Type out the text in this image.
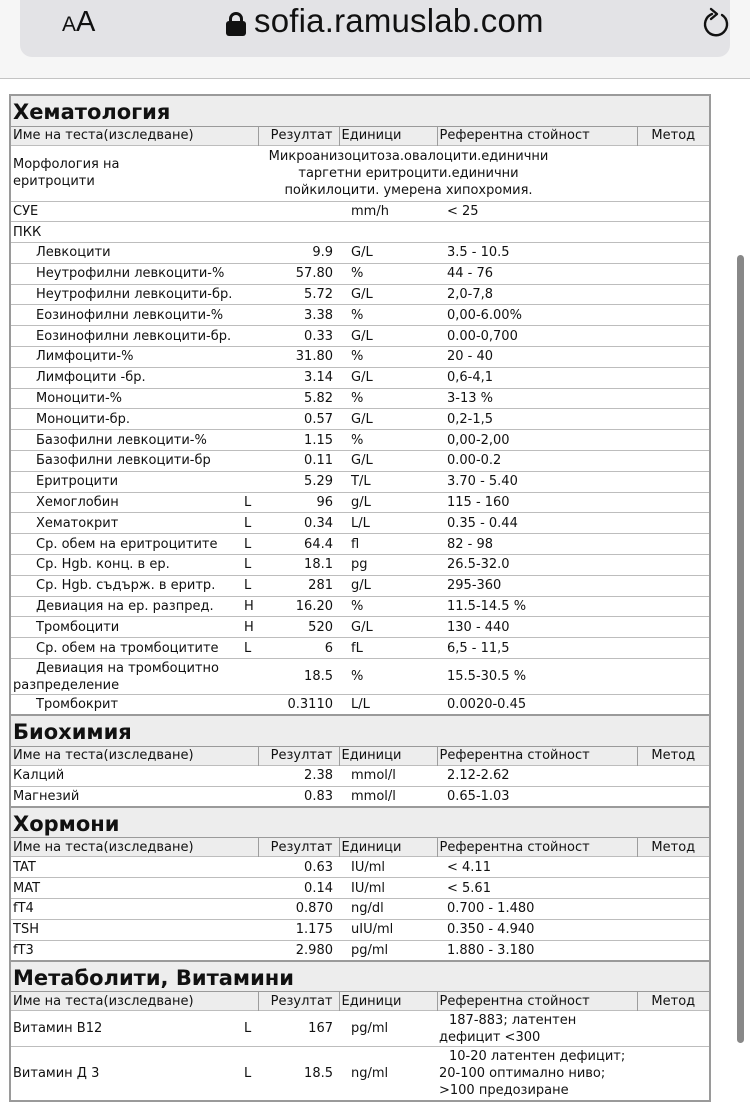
AA	sofia.ramuslab.com
Хематология					
Име на теста(изследване)		Резултат	Единици	Референтна стойност	Метод
Морфология на
еритроцити	Микроанизоцитоза.овалоцити.единични
таргетни еритроцити.единични
пойкилоцити. умерена хипохромия.				
СУЕ			mm/h	< 25	
ПКК					
Левкоцити		9.9	G/L	3.5 - 10.5	
Неутрофилни левкоцити-%		57.80	%	44 - 76	
Неутрофилни левкоцити-бр.		5.72	G/L	2,0-7,8	
Еозинофилни левкоцити-%		3.38	%	0,00-6.00%	
Еозинофилни левкоцити-бр.		0.33	G/L	0.00-0,700	
Лимфоцити-%		31.80	%	20 - 40	
Лимфоцити -бр.		3.14	G/L	0,6-4,1	
Моноцити-%		5.82	%	3-13 %	
Моноцити-бр.		0.57	G/L	0,2-1,5	
Базофилни левкоцити-%		1.15	%	0,00-2,00	
Базофилни левкоцити-бр		0.11	G/L	0.00-0.2	
Еритроцити		5.29	T/L	3.70 - 5.40	
Хемоглобин	L	96	g/L	115 - 160	
Хематокрит	L	0.34	L/L	0.35 - 0.44	
Ср. обем на еритроцитите	L	64.4	fl	82 - 98	
Ср. Hgb. конц. в ер.	L	18.1	pg	26.5-32.0	
Ср. Hgb. съдърж. в еритр.	L	281	g/L	295-360	
Девиация на ер. разпред.	H	16.20	%	11.5-14.5 %	
Тромбоцити	H	520	G/L	130 - 440	
Ср. обем на тромбоцитите	L	6	fL	6,5 - 11,5	
Девиация на тромбоцитно
разпределение		18.5	%	15.5-30.5 %	
Тромбокрит		0.3110	L/L	0.0020-0.45	
Биохимия					
Име на теста(изследване)		Резултат	Единици	Референтна стойност	Метод
Калций		2.38	mmol/l	2.12-2.62	
Магнезий		0.83	mmol/l	0.65-1.03	
Хормони					
Име на теста(изследване)		Резултат	Единици	Референтна стойност	Метод
TAT		0.63	IU/ml	< 4.11	
MAT		0.14	IU/ml	< 5.61	
fT4		0.870	ng/dl	0.700 - 1.480	
TSH		1.175	uIU/ml	0.350 - 4.940	
fT3		2.980	pg/ml	1.880 - 3.180	
Метаболити, Витамини					
Име на теста(изследване)		Резултат	Единици	Референтна стойност	Метод
Витамин B12	L	167	pg/ml	187-883; латентен
дефицит <300	
Витамин Д 3	L	18.5	ng/ml	10-20 латентен дефицит;
20-100 оптимално ниво;
>100 предозиране	
